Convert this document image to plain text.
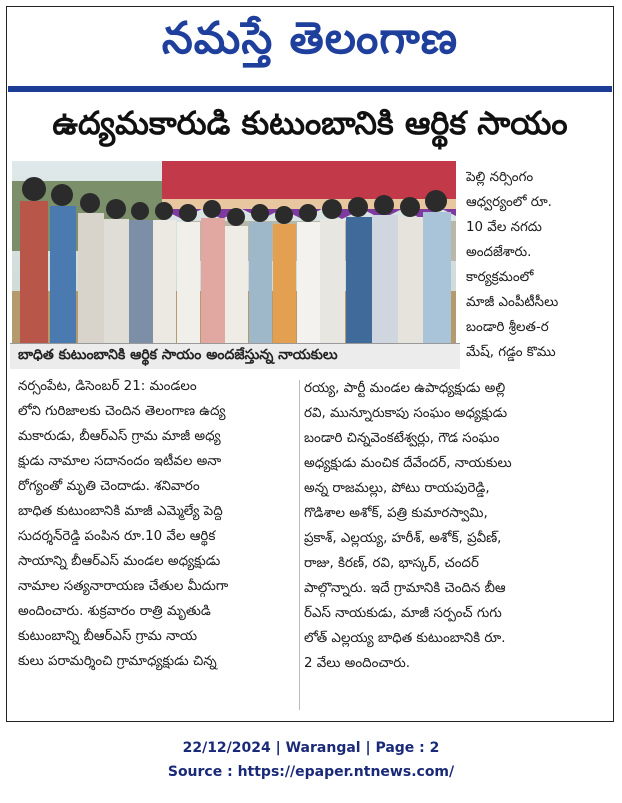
నమస్తే తెలంగాణ
ఉద్యమకారుడి కుటుంబానికి ఆర్థిక సాయం
బాధిత కుటుంబానికి ఆర్థిక సాయం అందజేస్తున్న నాయకులు

పెల్లి నర్సింగం

ఆధ్వర్యంలో రూ.

10 వేల నగదు

అందజేశారు.

కార్యక్రమంలో

మాజీ ఎంపీటీసీలు

బండారి శ్రీలత-ర

మేష్, గడ్డం కొము

నర్సంపేట, డిసెంబర్ 21: మండలం

లోని గురిజాలకు చెందిన తెలంగాణ ఉద్య

మకారుడు, బీఆర్ఎస్ గ్రామ మాజీ అధ్య

క్షుడు నామాల సదానందం ఇటీవల అనా

రోగ్యంతో మృతి చెందాడు. శనివారం

బాధిత కుటుంబానికి మాజీ ఎమ్మెల్యే పెద్ది

సుదర్శన్‌రెడ్డి పంపిన రూ.10 వేల ఆర్థిక

సాయాన్ని బీఆర్ఎస్ మండల అధ్యక్షుడు

నామాల సత్యనారాయణ చేతుల మీదుగా

అందించారు. శుక్రవారం రాత్రి మృతుడి

కుటుంబాన్ని బీఆర్ఎస్ గ్రామ నాయ

కులు పరామర్శించి గ్రామాధ్యక్షుడు చిన్న

రయ్య, పార్టీ మండల ఉపాధ్యక్షుడు అల్లి

రవి, మున్నూరుకాపు సంఘం అధ్యక్షుడు

బండారి చిన్నవెంకటేశ్వర్లు, గౌడ సంఘం

అధ్యక్షుడు మంచిక దేవేందర్, నాయకులు

అన్న రాజమల్లు, పోటు రాయపురెడ్డి,

గొడిశాల అశోక్, పత్రి కుమారస్వామి,

ప్రకాశ్, ఎల్లయ్య, హరీశ్, అశోక్, ప్రవీణ్,

రాజు, కిరణ్, రవి, భాస్కర్, చందర్

పాల్గొన్నారు. ఇదే గ్రామానికి చెందిన బీఆ

ర్ఎస్ నాయకుడు, మాజీ సర్పంచ్ గుగు

లోత్ ఎల్లయ్య బాధిత కుటుంబానికి రూ.

2 వేలు అందించారు.

22/12/2024 | Warangal | Page : 2
Source : https://epaper.ntnews.com/
